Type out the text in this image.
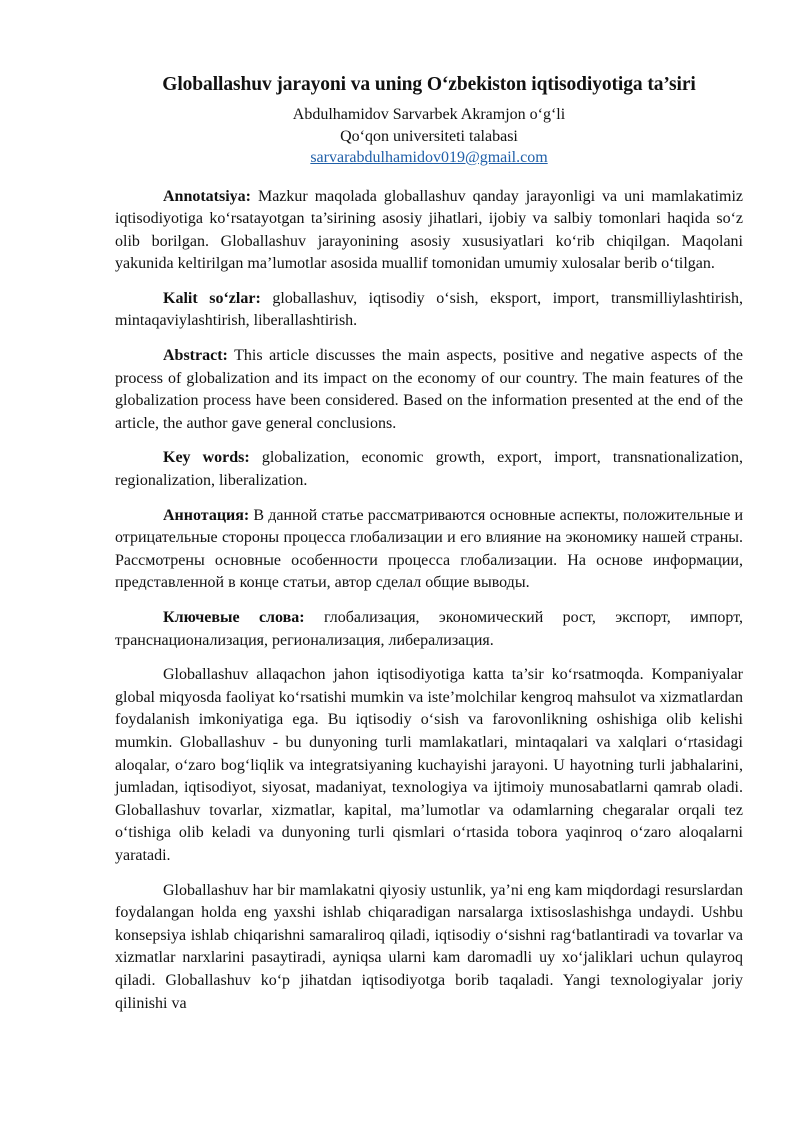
Globallashuv jarayoni va uning O‘zbekiston iqtisodiyotiga ta’siri

Abdulhamidov Sarvarbek Akramjon o‘g‘li

Qo‘qon universiteti talabasi

sarvarabdulhamidov019@gmail.com

Annotatsiya: Mazkur maqolada globallashuv qanday jarayonligi va uni mamlakatimiz iqtisodiyotiga ko‘rsatayotgan ta’sirining asosiy jihatlari, ijobiy va salbiy tomonlari haqida so‘z olib borilgan. Globallashuv jarayonining asosiy xususiyatlari ko‘rib chiqilgan. Maqolani yakunida keltirilgan ma’lumotlar asosida muallif tomonidan umumiy xulosalar berib o‘tilgan.

Kalit so‘zlar: globallashuv, iqtisodiy o‘sish, eksport, import, transmilliylashtirish, mintaqaviylashtirish, liberallashtirish.

Abstract: This article discusses the main aspects, positive and negative aspects of the process of globalization and its impact on the economy of our country. The main features of the globalization process have been considered. Based on the information presented at the end of the article, the author gave general conclusions.

Key words: globalization, economic growth, export, import, transnationalization, regionalization, liberalization.

Аннотация: В данной статье рассматриваются основные аспекты, положительные и отрицательные стороны процесса глобализации и его влияние на экономику нашей страны. Рассмотрены основные особенности процесса глобализации. На основе информации, представленной в конце статьи, автор сделал общие выводы.

Ключевые слова: глобализация, экономический рост, экспорт, импорт, транснационализация, регионализация, либерализация.

Globallashuv allaqachon jahon iqtisodiyotiga katta ta’sir ko‘rsatmoqda. Kompaniyalar global miqyosda faoliyat ko‘rsatishi mumkin va iste’molchilar kengroq mahsulot va xizmatlardan foydalanish imkoniyatiga ega. Bu iqtisodiy o‘sish va farovonlikning oshishiga olib kelishi mumkin. Globallashuv - bu dunyoning turli mamlakatlari, mintaqalari va xalqlari o‘rtasidagi aloqalar, o‘zaro bog‘liqlik va integratsiyaning kuchayishi jarayoni. U hayotning turli jabhalarini, jumladan, iqtisodiyot, siyosat, madaniyat, texnologiya va ijtimoiy munosabatlarni qamrab oladi. Globallashuv tovarlar, xizmatlar, kapital, ma’lumotlar va odamlarning chegaralar orqali tez o‘tishiga olib keladi va dunyoning turli qismlari o‘rtasida tobora yaqinroq o‘zaro aloqalarni yaratadi.

Globallashuv har bir mamlakatni qiyosiy ustunlik, ya’ni eng kam miqdordagi resurslardan foydalangan holda eng yaxshi ishlab chiqaradigan narsalarga ixtisoslashishga undaydi. Ushbu konsepsiya ishlab chiqarishni samaraliroq qiladi, iqtisodiy o‘sishni rag‘batlantiradi va tovarlar va xizmatlar narxlarini pasaytiradi, ayniqsa ularni kam daromadli uy xo‘jaliklari uchun qulayroq qiladi. Globallashuv ko‘p jihatdan iqtisodiyotga borib taqaladi. Yangi texnologiyalar joriy qilinishi va
